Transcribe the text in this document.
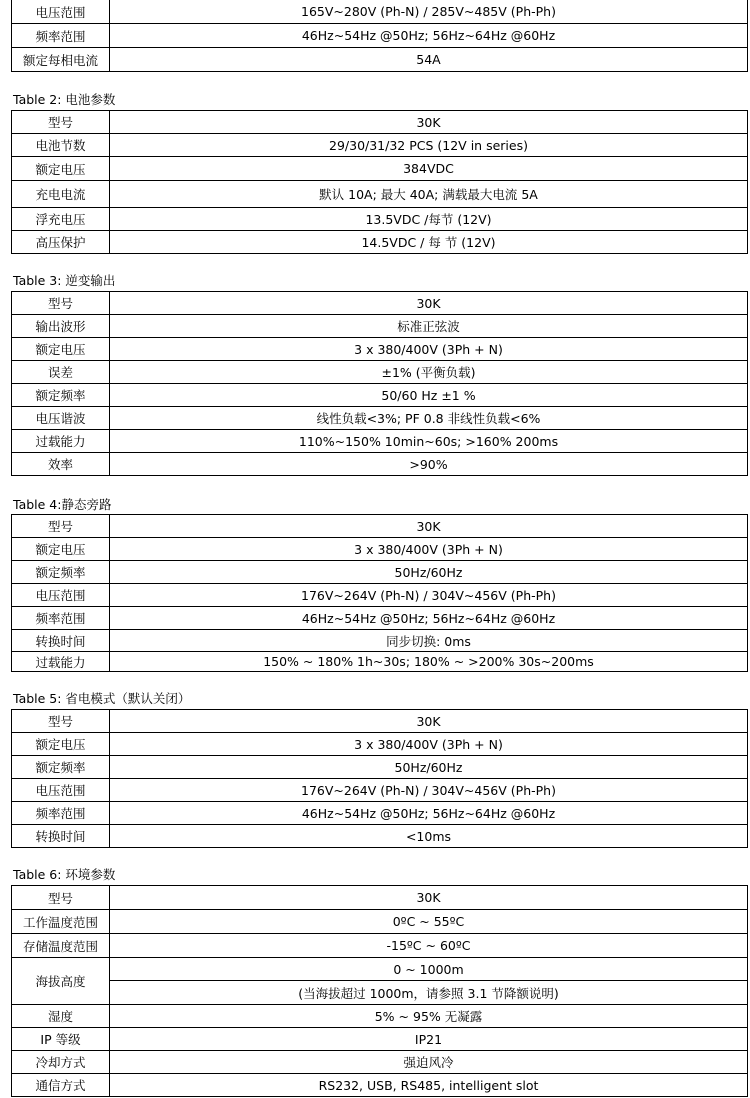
电压范围	165V~280V (Ph-N) / 285V~485V (Ph-Ph)
频率范围	46Hz~54Hz @50Hz; 56Hz~64Hz @60Hz
额定每相电流	54A
Table 2: 电池参数
型号	30K
电池节数	29/30/31/32 PCS (12V in series)
额定电压	384VDC
充电电流	默认 10A; 最大 40A; 满载最大电流 5A
浮充电压	13.5VDC /每节 (12V)
高压保护	14.5VDC / 每 节 (12V)
Table 3: 逆变输出
型号	30K
输出波形	标准正弦波
额定电压	3 x 380/400V (3Ph + N)
误差	±1% (平衡负载)
额定频率	50/60 Hz ±1 %
电压谐波	线性负载<3%; PF 0.8 非线性负载<6%
过载能力	110%~150% 10min~60s; >160% 200ms
效率	>90%
Table 4:静态旁路
型号	30K
额定电压	3 x 380/400V (3Ph + N)
额定频率	50Hz/60Hz
电压范围	176V~264V (Ph-N) / 304V~456V (Ph-Ph)
频率范围	46Hz~54Hz @50Hz; 56Hz~64Hz @60Hz
转换时间	同步切换: 0ms
过载能力	150% ~ 180% 1h~30s; 180% ~ >200% 30s~200ms
Table 5: 省电模式（默认关闭）
型号	30K
额定电压	3 x 380/400V (3Ph + N)
额定频率	50Hz/60Hz
电压范围	176V~264V (Ph-N) / 304V~456V (Ph-Ph)
频率范围	46Hz~54Hz @50Hz; 56Hz~64Hz @60Hz
转换时间	<10ms
Table 6: 环境参数
型号	30K
工作温度范围	0ºC ~ 55ºC
存储温度范围	-15ºC ~ 60ºC
海拔高度	0 ~ 1000m
	(当海拔超过 1000m，请参照 3.1 节降额说明)
湿度	5% ~ 95% 无凝露
IP 等级	IP21
冷却方式	强迫风冷
通信方式	RS232, USB, RS485, intelligent slot
